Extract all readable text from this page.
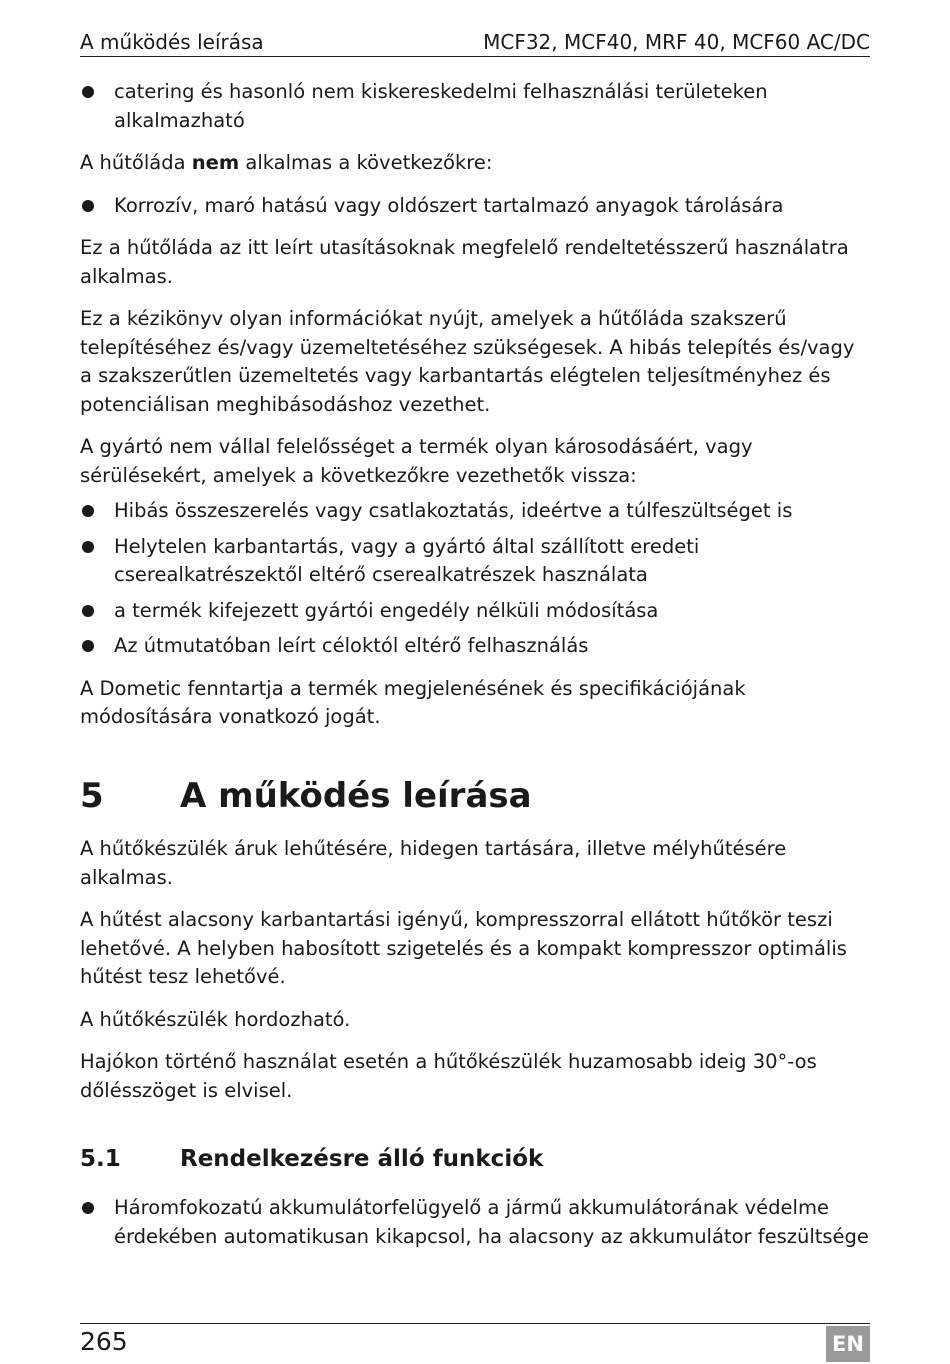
A működés leírása	MCF32, MCF40, MRF 40, MCF60 AC/DC
catering és hasonló nem kiskereskedelmi felhasználási területeken alkalmazható

A hűtőláda nem alkalmas a következőkre:

Korrozív, maró hatású vagy oldószert tartalmazó anyagok tárolására

Ez a hűtőláda az itt leírt utasításoknak megfelelő rendeltetésszerű használatra alkalmas.

Ez a kézikönyv olyan információkat nyújt, amelyek a hűtőláda szakszerű telepítéséhez és/vagy üzemeltetéséhez szükségesek. A hibás telepítés és/vagy a szakszerűtlen üzemeltetés vagy karbantartás elégtelen teljesítményhez és potenciálisan meghibásodáshoz vezethet.

A gyártó nem vállal felelősséget a termék olyan károsodásáért, vagy sérülésekért, amelyek a következőkre vezethetők vissza:

Hibás összeszerelés vagy csatlakoztatás, ideértve a túlfeszültséget is
Helytelen karbantartás, vagy a gyártó által szállított eredeti cserealkatrészektől eltérő cserealkatrészek használata
a termék kifejezett gyártói engedély nélküli módosítása
Az útmutatóban leírt céloktól eltérő felhasználás

A Dometic fenntartja a termék megjelenésének és specifikációjának módosítására vonatkozó jogát.

5 A működés leírása

A hűtőkészülék áruk lehűtésére, hidegen tartására, illetve mélyhűtésére alkalmas.

A hűtést alacsony karbantartási igényű, kompresszorral ellátott hűtőkör teszi lehetővé. A helyben habosított szigetelés és a kompakt kompresszor optimális hűtést tesz lehetővé.

A hűtőkészülék hordozható.

Hajókon történő használat esetén a hűtőkészülék huzamosabb ideig 30°-os dőlésszöget is elvisel.

5.1	Rendelkezésre álló funkciók
Háromfokozatú akkumulátorfelügyelő a jármű akkumulátorának védelme érdekében automatikusan kikapcsol, ha alacsony az akkumulátor feszültsége
265	EN
